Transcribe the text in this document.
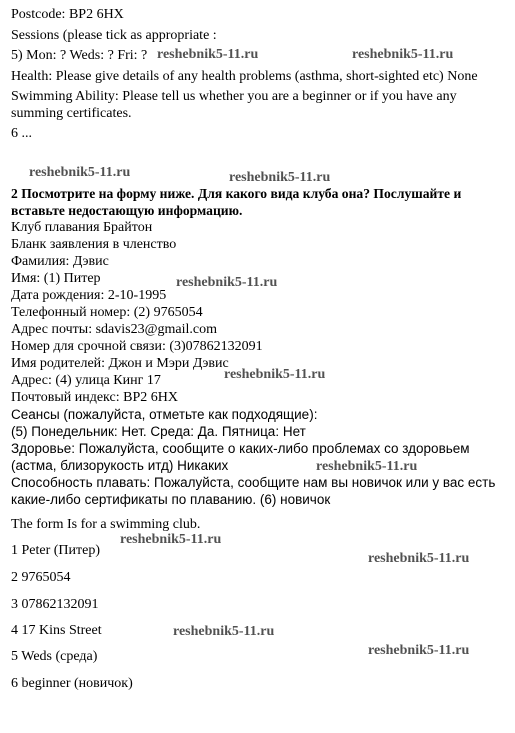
Postcode: BP2 6HX
Sessions (please tick as appropriate :
5) Mon: ? Weds: ? Fri: ?
Health: Please give details of any health problems (asthma, short-sighted etc) None
Swimming Ability: Please tell us whether you are a beginner or if you have any
summing certificates.
6 ...
2 Посмотрите на форму ниже. Для какого вида клуба она? Послушайте и
вставьте недостающую информацию.
Клуб плавания Брайтон
Бланк заявления в членство
Фамилия: Дэвис
Имя: (1) Питер
Дата рождения: 2-10-1995
Телефонный номер: (2) 9765054
Адрес почты: sdavis23@gmail.com
Номер для срочной связи: (3)07862132091
Имя родителей: Джон и Мэри Дэвис
Адрес: (4) улица Кинг 17
Почтовый индекс: BP2 6HX
Сеансы (пожалуйста, отметьте как подходящие):
(5) Понедельник: Нет. Среда: Да. Пятница: Нет
Здоровье: Пожалуйста, сообщите о каких-либо проблемах со здоровьем
(астма, близорукость итд) Никаких
Способность плавать: Пожалуйста, сообщите нам вы новичок или у вас есть
какие-либо сертификаты по плаванию. (6) новичок
The form Is for a swimming club.
1 Peter (Питер)
2 9765054
3 07862132091
4 17 Kins Street
5 Weds (среда)
6 beginner (новичок)
reshebnik5-11.ru	reshebnik5-11.ru
reshebnik5-11.ru	reshebnik5-11.ru
reshebnik5-11.ru
reshebnik5-11.ru
reshebnik5-11.ru
reshebnik5-11.ru
reshebnik5-11.ru
reshebnik5-11.ru
reshebnik5-11.ru
